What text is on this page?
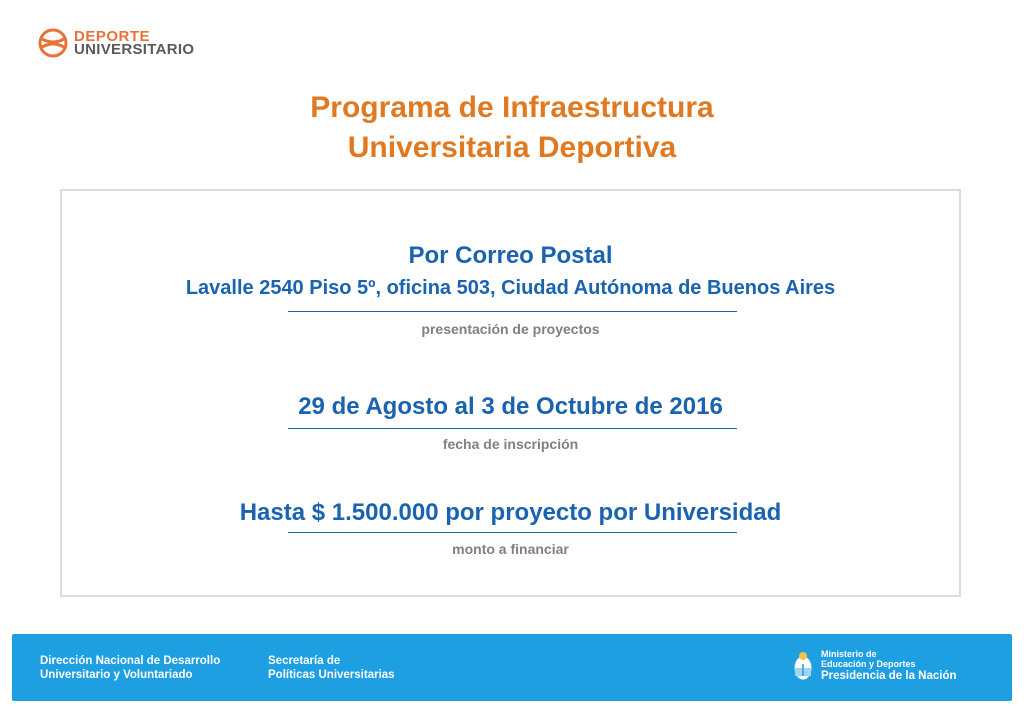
DEPORTE
UNIVERSITARIO
Programa de Infraestructura
Universitaria Deportiva
Por Correo Postal
Lavalle 2540 Piso 5º, oficina 503, Ciudad Autónoma de Buenos Aires
presentación de proyectos
29 de Agosto al 3 de Octubre de 2016
fecha de inscripción
Hasta $ 1.500.000 por proyecto por Universidad
monto a financiar
Dirección Nacional de Desarrollo
Universitario y Voluntariado
Secretaría de
Políticas Universitarias
Ministerio de
Educación y Deportes
Presidencia de la Nación
